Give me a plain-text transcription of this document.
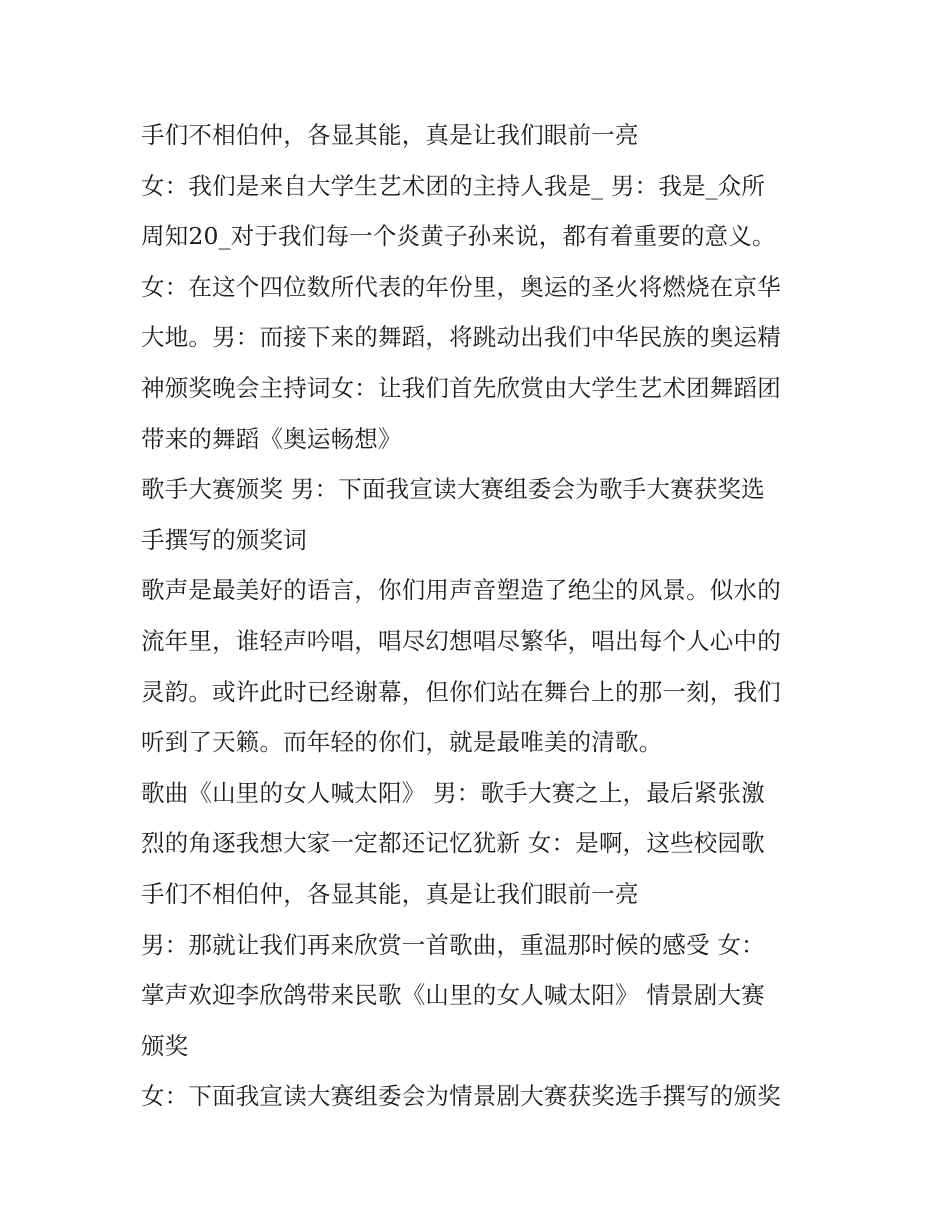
手们不相伯仲，各显其能，真是让我们眼前一亮
女：我们是来自大学生艺术团的主持人我是_ 男：我是_众所
周知20_对于我们每一个炎黄子孙来说，都有着重要的意义。
女：在这个四位数所代表的年份里，奥运的圣火将燃烧在京华
大地。男：而接下来的舞蹈，将跳动出我们中华民族的奥运精
神颁奖晚会主持词女：让我们首先欣赏由大学生艺术团舞蹈团
带来的舞蹈《奥运畅想》
歌手大赛颁奖 男：下面我宣读大赛组委会为歌手大赛获奖选
手撰写的颁奖词
歌声是最美好的语言，你们用声音塑造了绝尘的风景。似水的
流年里，谁轻声吟唱，唱尽幻想唱尽繁华，唱出每个人心中的
灵韵。或许此时已经谢幕，但你们站在舞台上的那一刻，我们
听到了天籁。而年轻的你们，就是最唯美的清歌。
歌曲《山里的女人喊太阳》 男：歌手大赛之上，最后紧张激
烈的角逐我想大家一定都还记忆犹新 女：是啊，这些校园歌
手们不相伯仲，各显其能，真是让我们眼前一亮
男：那就让我们再来欣赏一首歌曲，重温那时候的感受 女：
掌声欢迎李欣鸽带来民歌《山里的女人喊太阳》 情景剧大赛
颁奖
女：下面我宣读大赛组委会为情景剧大赛获奖选手撰写的颁奖
